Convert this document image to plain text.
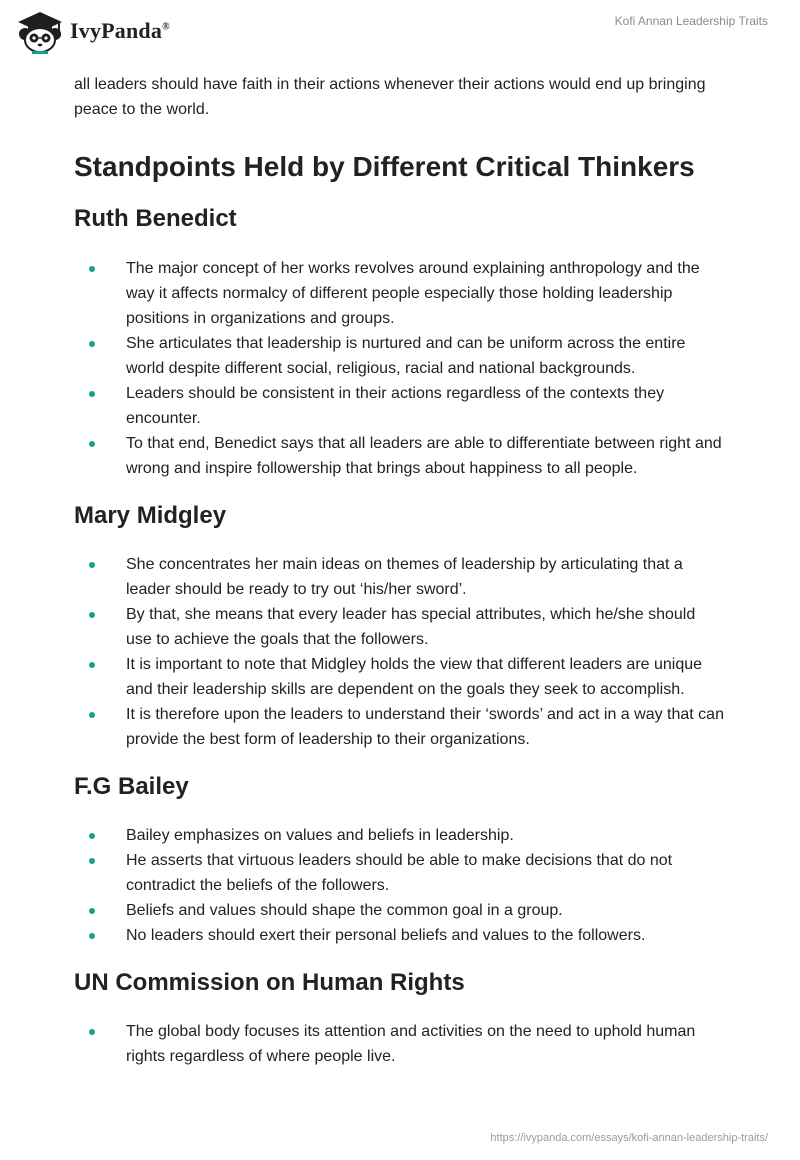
IvyPanda®	Kofi Annan Leadership Traits

all leaders should have faith in their actions whenever their actions would end up bringing peace to the world.

Standpoints Held by Different Critical Thinkers
Ruth Benedict
The major concept of her works revolves around explaining anthropology and the way it affects normalcy of different people especially those holding leadership positions in organizations and groups.
She articulates that leadership is nurtured and can be uniform across the entire world despite different social, religious, racial and national backgrounds.
Leaders should be consistent in their actions regardless of the contexts they encounter.
To that end, Benedict says that all leaders are able to differentiate between right and wrong and inspire followership that brings about happiness to all people.
Mary Midgley
She concentrates her main ideas on themes of leadership by articulating that a leader should be ready to try out ‘his/her sword’.
By that, she means that every leader has special attributes, which he/she should use to achieve the goals that the followers.
It is important to note that Midgley holds the view that different leaders are unique and their leadership skills are dependent on the goals they seek to accomplish.
It is therefore upon the leaders to understand their ‘swords’ and act in a way that can provide the best form of leadership to their organizations.
F.G Bailey
Bailey emphasizes on values and beliefs in leadership.
He asserts that virtuous leaders should be able to make decisions that do not contradict the beliefs of the followers.
Beliefs and values should shape the common goal in a group.
No leaders should exert their personal beliefs and values to the followers.
UN Commission on Human Rights
The global body focuses its attention and activities on the need to uphold human rights regardless of where people live.
https://ivypanda.com/essays/kofi-annan-leadership-traits/
